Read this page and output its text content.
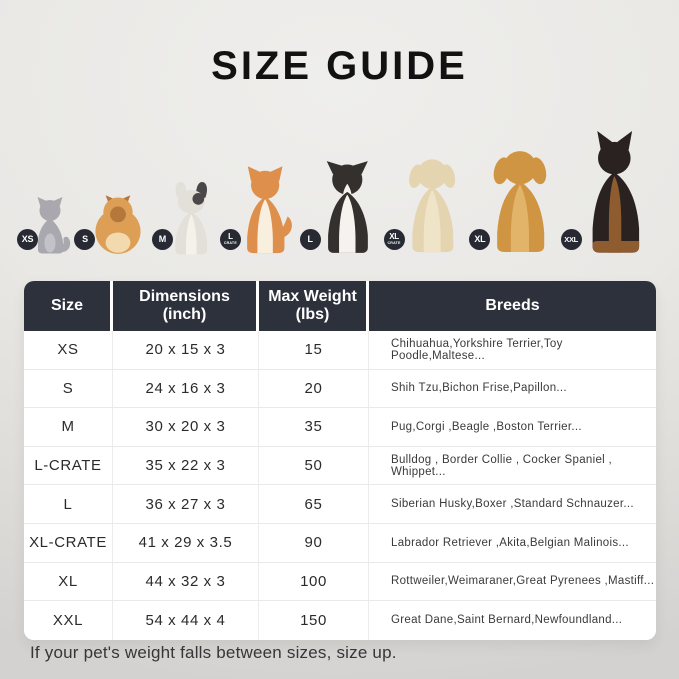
SIZE GUIDE
XS	S	M	L
CRATE	L	XL
CRATE	XL	XXL
Size
Dimensions
(inch)
Max Weight
(lbs)
Breeds
XS	20 x 15 x 3	15	Chihuahua,Yorkshire Terrier,Toy Poodle,Maltese...
S	24 x 16 x 3	20	Shih Tzu,Bichon Frise,Papillon...
M	30 x 20 x 3	35	Pug,Corgi ,Beagle ,Boston Terrier...
L-CRATE	35 x 22 x 3	50	Bulldog , Border Collie , Cocker Spaniel , Whippet...
L	36 x 27 x 3	65	Siberian Husky,Boxer ,Standard Schnauzer...
XL-CRATE	41 x 29 x 3.5	90	Labrador Retriever ,Akita,Belgian Malinois...
XL	44 x 32 x 3	100	Rottweiler,Weimaraner,Great Pyrenees ,Mastiff...
XXL	54 x 44 x 4	150	Great Dane,Saint Bernard,Newfoundland...

If your pet's weight falls between sizes, size up.
